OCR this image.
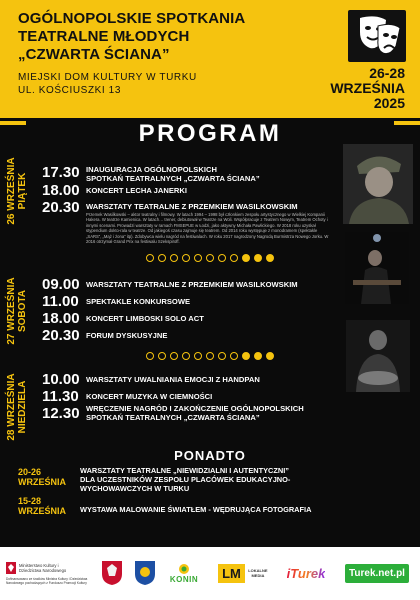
OGÓLNOPOLSKIE SPOTKANIA
TEATRALNE MŁODYCH
„CZWARTA ŚCIANA”
MIEJSKI DOM KULTURY W TURKU
UL. KOŚCIUSZKI 13
26-28
WRZEŚNIA
2025
PROGRAM
26 WRZEŚNIA PIĄTEK
17.30 INAUGURACJA OGÓLNOPOLSKICH
SPOTKAŃ TEATRALNYCH „CZWARTA ŚCIANA”
18.00 KONCERT LECHA JANERKI
20.30 WARSZTATY TEATRALNE Z PRZEMKIEM WASILKOWSKIM
Przemek Wasilkowski – aktor teatralny i filmowy. W latach 1994 – 1998 był członkiem zespołu artystycznego w Wielkiej Kompanii Hakera. W teatrze Kamienica. W latach… trener, debiutował w Teatrze na Woli. Współpracuje z Teatrem Nowym, Teatrem Ochoty i innymi scenami. Prowadzi warsztaty w ramach FMSEPUE w Łodzi, jako aktywny Michała Pawlickiego. W 2018 roku uzyskał stypendium dokto-rala w teatrze. Od jakiegoś czasu zajmuje się teatrem. Od 2014 roku występuje z monodramem (spektakle „SARS”, „Mąż i żona” itp). Zdobywca wielu nagród na festiwalach. W roku 2017 nagrodzony Nagrodą Burmistrza Nowego Jorku. W 2016 otrzymał Grand Prix na festiwalu Szekspiroff.
27 WRZEŚNIA SOBOTA
09.00 WARSZTATY TEATRALNE Z PRZEMKIEM WASILKOWSKIM
11.00 SPEKTAKLE KONKURSOWE
18.00 KONCERT LIMBOSKI SOLO ACT
20.30 FORUM DYSKUSYJNE
28 WRZEŚNIA NIEDZIELA
10.00 WARSZTATY UWALNIANIA EMOCJI Z HANDPAN
11.30 KONCERT MUZYKA W CIEMNOŚCI
12.30 WRĘCZENIE NAGRÓD I ZAKOŃCZENIE OGÓLNOPOLSKICH
SPOTKAŃ TEATRALNYCH „CZWARTA ŚCIANA”
PONADTO
20-26
WRZEŚNIA
WARSZTATY TEATRALNE „NIEWIDZIALNI I AUTENTYCZNI”
DLA UCZESTNIKÓW ZESPOŁU PLACÓWEK EDUKACYJNO-
WYCHOWAWCZYCH W TURKU
15-28
WRZEŚNIA WYSTAWA MALOWANIE ŚWIATŁEM - WĘDRUJĄCA FOTOGRAFIA
Ministerstwo Kultury i Dziedzictwa Narodowego
Dofinansowano ze środków Ministra Kultury i Dziedzictwa Narodowego pochodzących z Funduszu Promocji Kultury	KONIN	LM	LOKALNE MEDIA iTurek	Turek.net.pl
